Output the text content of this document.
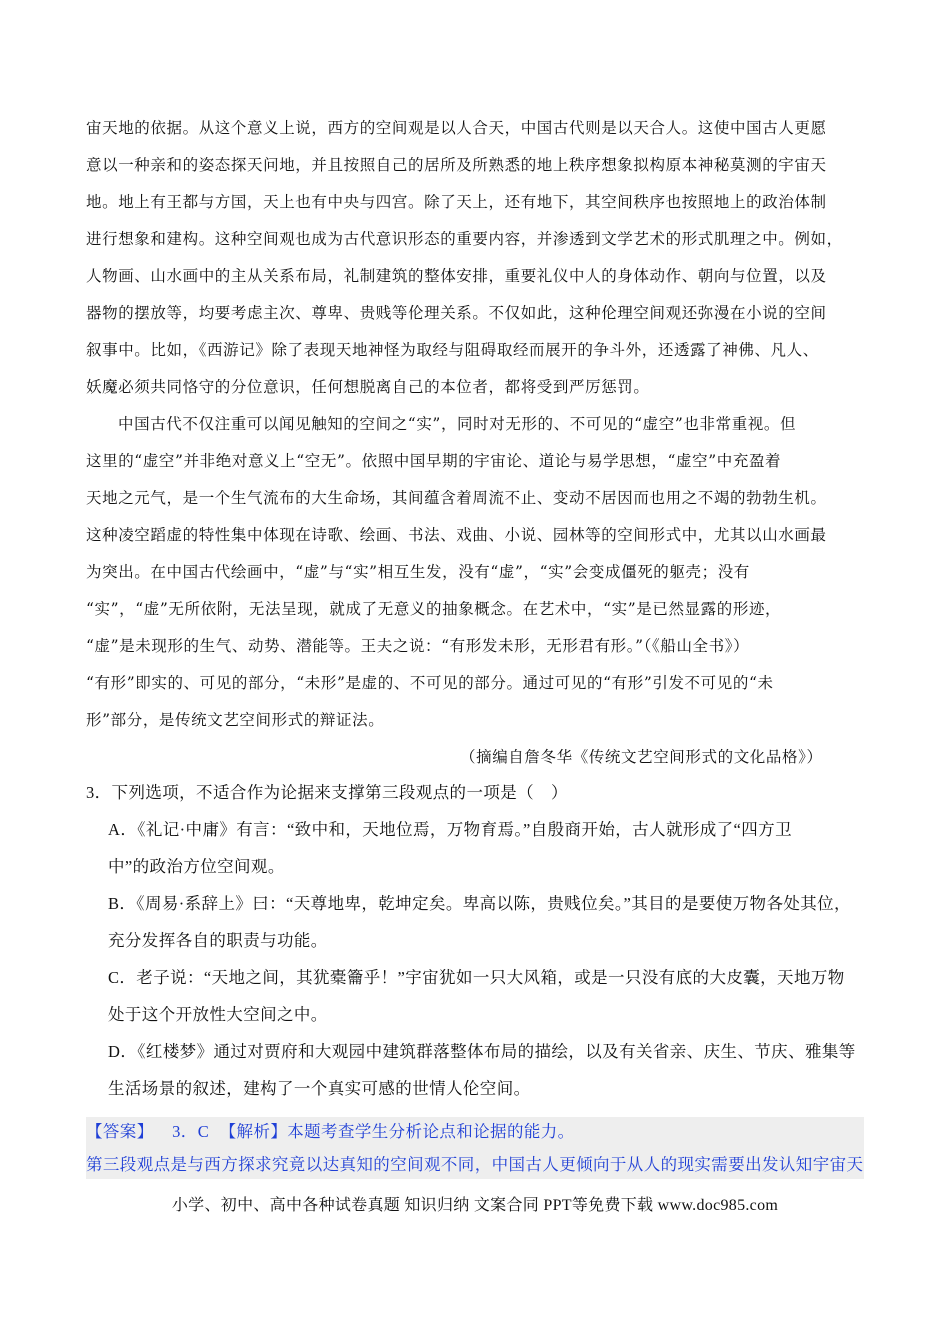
宙天地的依据。从这个意义上说，西方的空间观是以人合天，中国古代则是以天合人。这使中国古人更愿
意以一种亲和的姿态探天问地，并且按照自己的居所及所熟悉的地上秩序想象拟构原本神秘莫测的宇宙天
地。地上有王都与方国，天上也有中央与四宫。除了天上，还有地下，其空间秩序也按照地上的政治体制
进行想象和建构。这种空间观也成为古代意识形态的重要内容，并渗透到文学艺术的形式肌理之中。例如，
人物画、山水画中的主从关系布局，礼制建筑的整体安排，重要礼仪中人的身体动作、朝向与位置，以及
器物的摆放等，均要考虑主次、尊卑、贵贱等伦理关系。不仅如此，这种伦理空间观还弥漫在小说的空间
叙事中。比如，《西游记》除了表现天地神怪为取经与阻碍取经而展开的争斗外，还透露了神佛、凡人、
妖魔必须共同恪守的分位意识，任何想脱离自己的本位者，都将受到严厉惩罚。
中国古代不仅注重可以闻见触知的空间之“实”，同时对无形的、不可见的“虚空”也非常重视。但
这里的“虚空”并非绝对意义上“空无”。依照中国早期的宇宙论、道论与易学思想，“虚空”中充盈着
天地之元气，是一个生气流布的大生命场，其间蕴含着周流不止、变动不居因而也用之不竭的勃勃生机。
这种凌空蹈虚的特性集中体现在诗歌、绘画、书法、戏曲、小说、园林等的空间形式中，尤其以山水画最
为突出。在中国古代绘画中，“虚”与“实”相互生发，没有“虚”，“实”会变成僵死的躯壳；没有
“实”，“虚”无所依附，无法呈现，就成了无意义的抽象概念。在艺术中，“实”是已然显露的形迹，
“虚”是未现形的生气、动势、潜能等。王夫之说：“有形发未形，无形君有形。”（《船山全书》）
“有形”即实的、可见的部分，“未形”是虚的、不可见的部分。通过可见的“有形”引发不可见的“未
形”部分，是传统文艺空间形式的辩证法。
（摘编自詹冬华《传统文艺空间形式的文化品格》）
3．下列选项，不适合作为论据来支撑第三段观点的一项是（　）
A．《礼记·中庸》有言：“致中和，天地位焉，万物育焉。”自殷商开始，古人就形成了“四方卫
中”的政治方位空间观。
B．《周易·系辞上》曰：“天尊地卑，乾坤定矣。卑高以陈，贵贱位矣。”其目的是要使万物各处其位，
充分发挥各自的职责与功能。
C．老子说：“天地之间，其犹橐籥乎！”宇宙犹如一只大风箱，或是一只没有底的大皮囊，天地万物
处于这个开放性大空间之中。
D．《红楼梦》通过对贾府和大观园中建筑群落整体布局的描绘，以及有关省亲、庆生、节庆、雅集等
生活场景的叙述，建构了一个真实可感的世情人伦空间。
【答案】 3．C 【解析】本题考查学生分析论点和论据的能力。
第三段观点是与西方探求究竟以达真知的空间观不同，中国古人更倾向于从人的现实需要出发认知宇宙天
小学、初中、高中各种试卷真题 知识归纳 文案合同 PPT等免费下载 www.doc985.com
